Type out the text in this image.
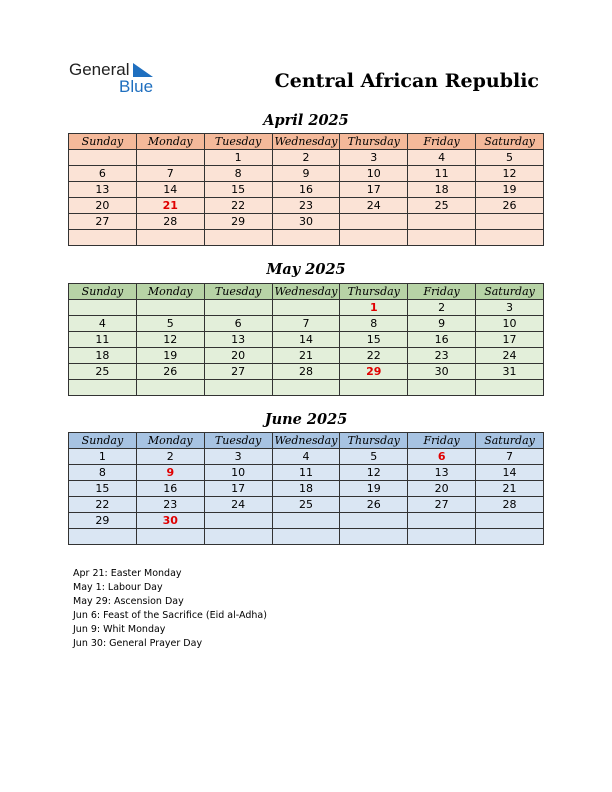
General
Blue	Central African Republic
April 2025
Sunday	Monday	Tuesday	Wednesday	Thursday	Friday	Saturday
		1	2	3	4	5
6	7	8	9	10	11	12
13	14	15	16	17	18	19
20	21	22	23	24	25	26
27	28	29	30			

May 2025
Sunday	Monday	Tuesday	Wednesday	Thursday	Friday	Saturday
				1	2	3
4	5	6	7	8	9	10
11	12	13	14	15	16	17
18	19	20	21	22	23	24
25	26	27	28	29	30	31

June 2025
Sunday	Monday	Tuesday	Wednesday	Thursday	Friday	Saturday
1	2	3	4	5	6	7
8	9	10	11	12	13	14
15	16	17	18	19	20	21
22	23	24	25	26	27	28
29	30					

Apr 21: Easter Monday
May 1: Labour Day
May 29: Ascension Day
Jun 6: Feast of the Sacrifice (Eid al-Adha)
Jun 9: Whit Monday
Jun 30: General Prayer Day
